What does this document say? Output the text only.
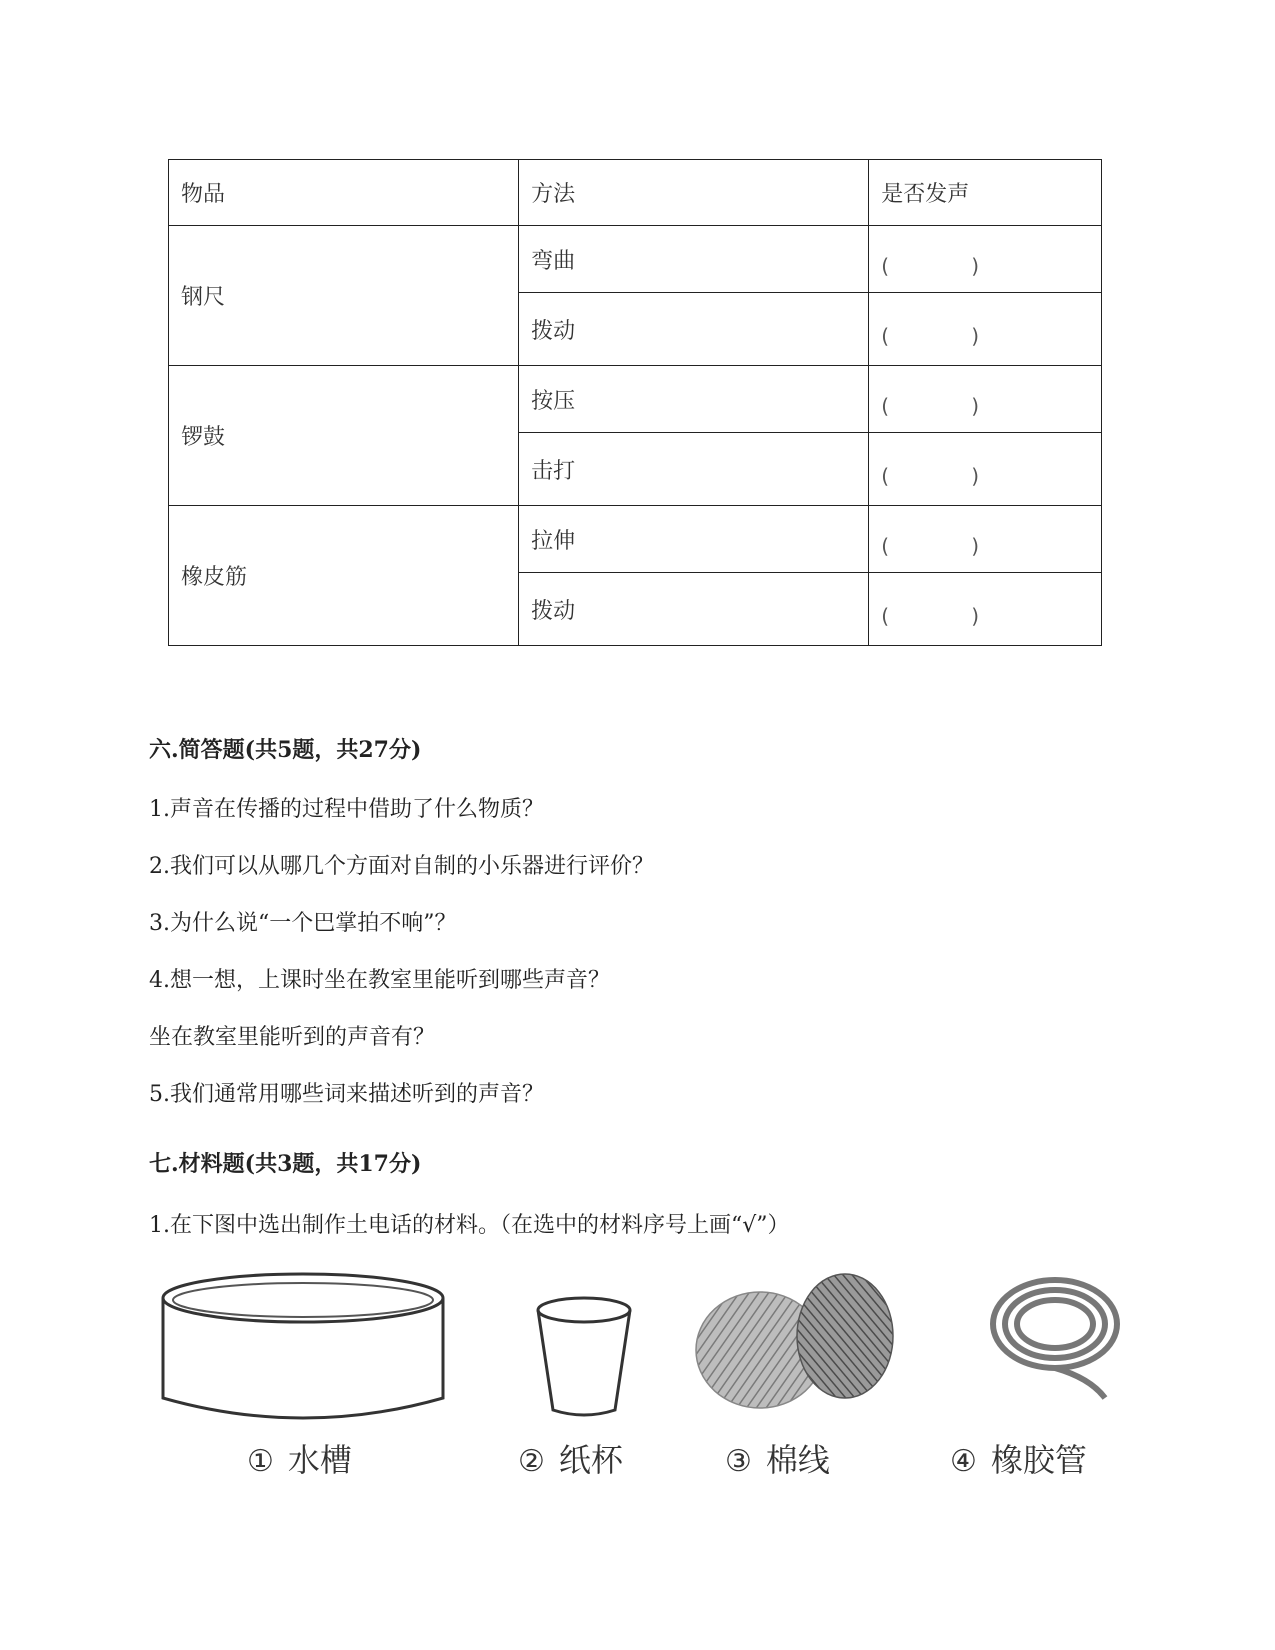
物品	方法	是否发声
钢尺	弯曲	( )

	拨动	( )

锣鼓	按压	( )

	击打	( )

橡皮筋	拉伸	( )

	拨动	( )
六.简答题(共5题，共27分)
1.声音在传播的过程中借助了什么物质？
2.我们可以从哪几个方面对自制的小乐器进行评价？
3.为什么说“一个巴掌拍不响”？
4.想一想，上课时坐在教室里能听到哪些声音？
坐在教室里能听到的声音有？
5.我们通常用哪些词来描述听到的声音？
七.材料题(共3题，共17分)
1.在下图中选出制作土电话的材料。（在选中的材料序号上画“√”）
① 水槽	② 纸杯	③ 棉线	④ 橡胶管
